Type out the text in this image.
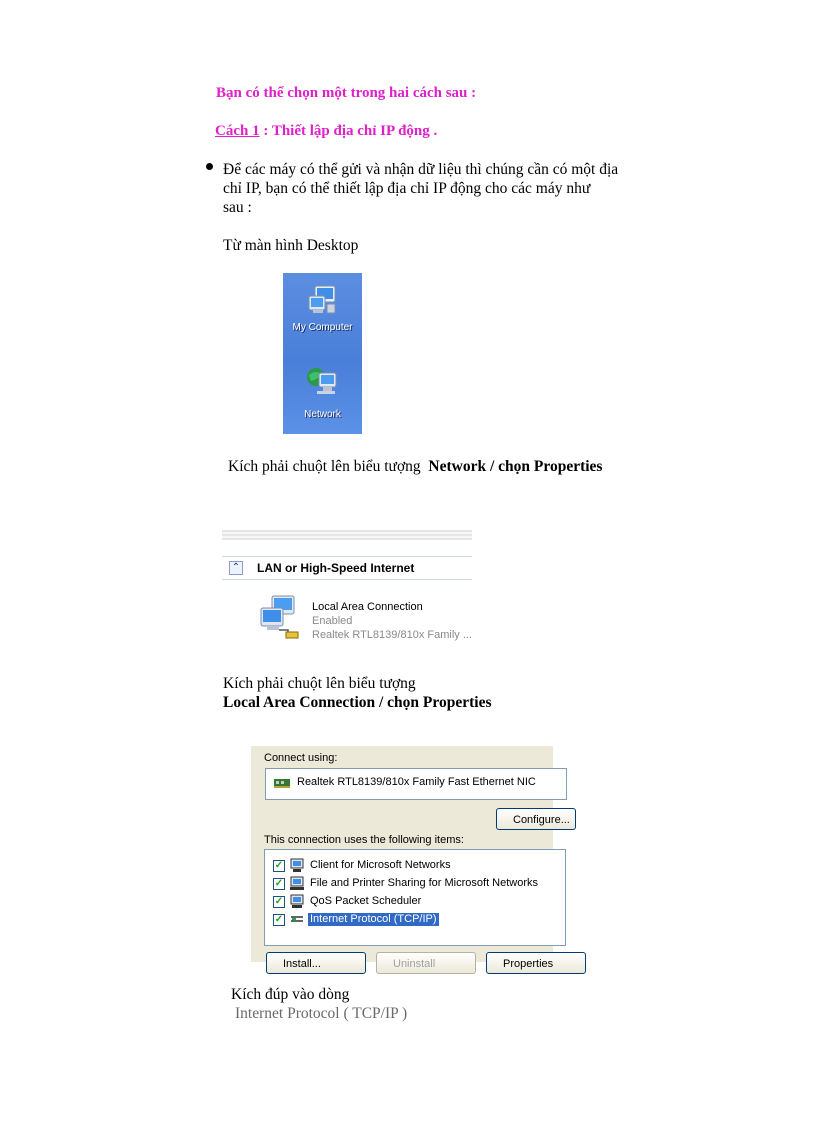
Bạn có thể chọn một trong hai cách sau :
Cách 1 : Thiết lập địa chỉ IP động .
Để các máy có thể gửi và nhận dữ liệu thì chúng cần có một địa
chỉ IP, bạn có thể thiết lập địa chỉ IP động cho các máy như
sau :
Từ màn hình Desktop
My Computer
Network
Kích phải chuột lên biểu tượng Network / chọn Properties
⌃ LAN or High-Speed Internet
Local Area Connection
Enabled
Realtek RTL8139/810x Family ...
Kích phải chuột lên biểu tượng
Local Area Connection / chọn Properties
Connect using:
Realtek RTL8139/810x Family Fast Ethernet NIC
Configure...
This connection uses the following items:
✓ Client for Microsoft Networks
✓ File and Printer Sharing for Microsoft Networks
✓ QoS Packet Scheduler
✓ Internet Protocol (TCP/IP)
Install...	Uninstall	Properties
Kích đúp vào dòng
Internet Protocol ( TCP/IP )
